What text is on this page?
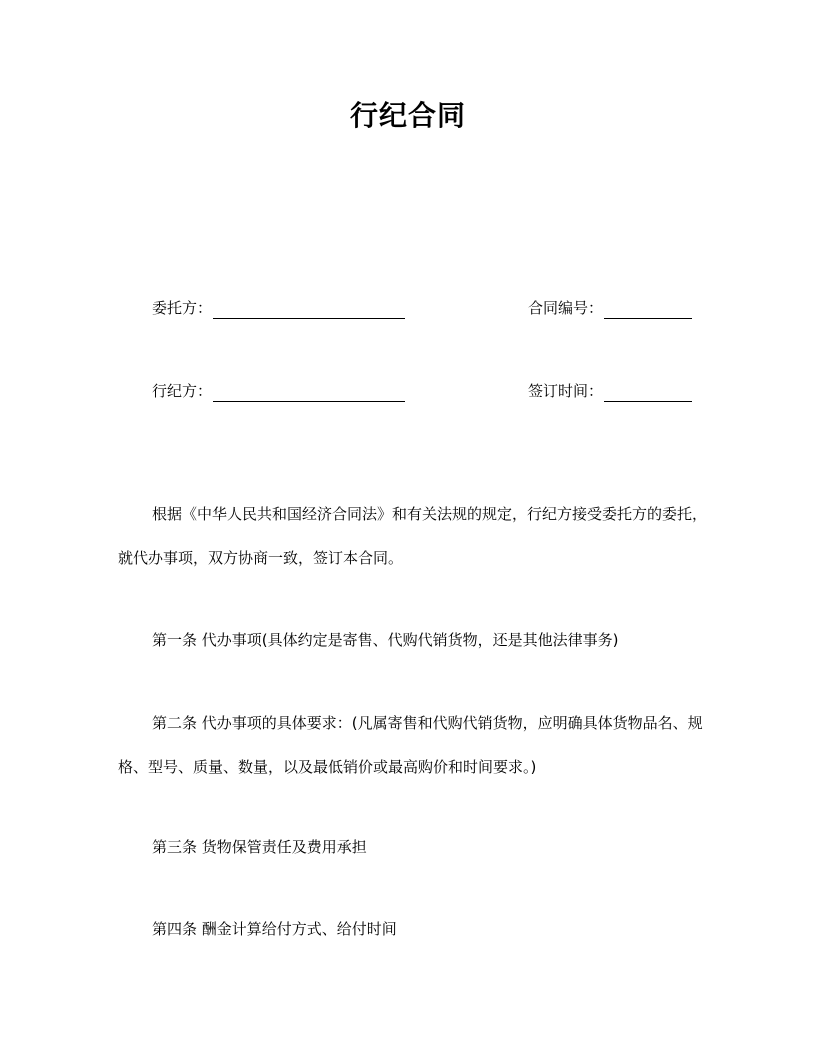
行纪合同
委托方：	合同编号：
行纪方：	签订时间：

根据《中华人民共和国经济合同法》和有关法规的规定，行纪方接受委托方的委托，就代办事项，双方协商一致，签订本合同。

第一条 代办事项(具体约定是寄售、代购代销货物，还是其他法律事务)

第二条 代办事项的具体要求：(凡属寄售和代购代销货物，应明确具体货物品名、规格、型号、质量、数量，以及最低销价或最高购价和时间要求。)

第三条 货物保管责任及费用承担
第四条 酬金计算给付方式、给付时间
